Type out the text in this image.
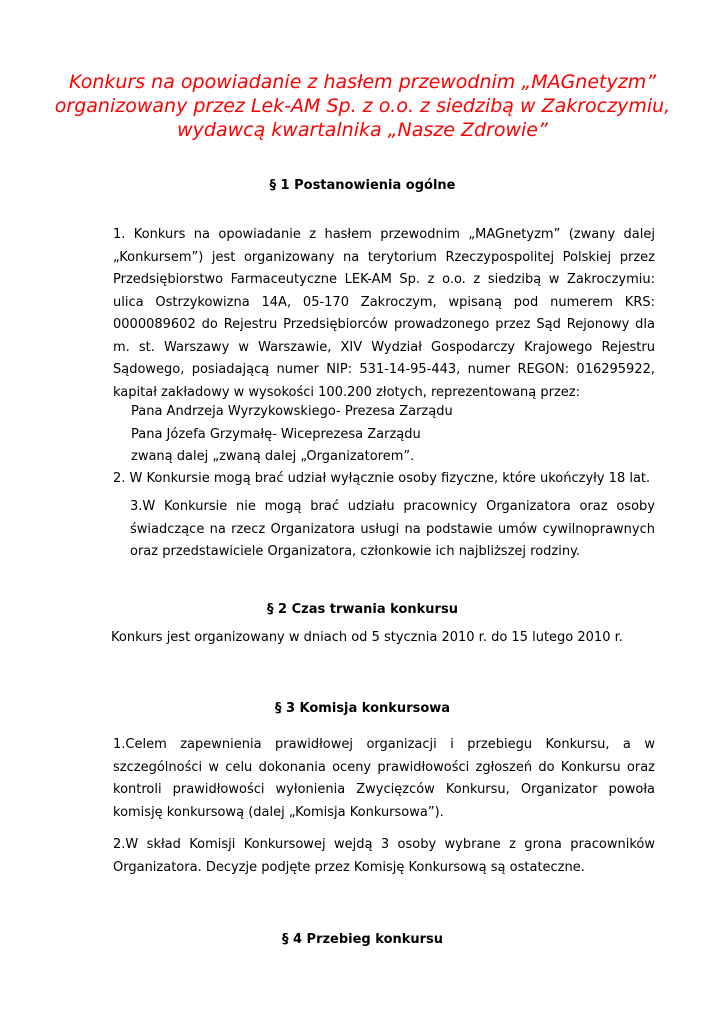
Konkurs na opowiadanie z hasłem przewodnim „MAGnetyzm”
organizowany przez Lek-AM Sp. z o.o. z siedzibą w Zakroczymiu,
wydawcą kwartalnika „Nasze Zdrowie”
§ 1 Postanowienia ogólne
1. Konkurs na opowiadanie z hasłem przewodnim „MAGnetyzm” (zwany dalej „Konkursem”) jest organizowany na terytorium Rzeczypospolitej Polskiej przez Przedsiębiorstwo Farmaceutyczne LEK-AM Sp. z o.o. z siedzibą w Zakroczymiu: ulica Ostrzykowizna 14A, 05-170 Zakroczym, wpisaną pod numerem KRS: 0000089602 do Rejestru Przedsiębiorców prowadzonego przez Sąd Rejonowy dla m. st. Warszawy w Warszawie, XIV Wydział Gospodarczy Krajowego Rejestru Sądowego, posiadającą numer NIP: 531-14-95-443, numer REGON: 016295922, kapitał zakładowy w wysokości 100.200 złotych, reprezentowaną przez:
Pana Andrzeja Wyrzykowskiego- Prezesa Zarządu
Pana Józefa Grzymałę- Wiceprezesa Zarządu
zwaną dalej „zwaną dalej „Organizatorem”.
2. W Konkursie mogą brać udział wyłącznie osoby fizyczne, które ukończyły 18 lat.
3.W Konkursie nie mogą brać udziału pracownicy Organizatora oraz osoby świadczące na rzecz Organizatora usługi na podstawie umów cywilnoprawnych oraz przedstawiciele Organizatora, członkowie ich najbliższej rodziny.
§ 2 Czas trwania konkursu
Konkurs jest organizowany w dniach od 5 stycznia 2010 r. do 15 lutego 2010 r.
§ 3 Komisja konkursowa
1.Celem zapewnienia prawidłowej organizacji i przebiegu Konkursu, a w szczególności w celu dokonania oceny prawidłowości zgłoszeń do Konkursu oraz kontroli prawidłowości wyłonienia Zwycięzców Konkursu, Organizator powoła komisję konkursową (dalej „Komisja Konkursowa”).
2.W skład Komisji Konkursowej wejdą 3 osoby wybrane z grona pracowników Organizatora. Decyzje podjęte przez Komisję Konkursową są ostateczne.
§ 4 Przebieg konkursu
